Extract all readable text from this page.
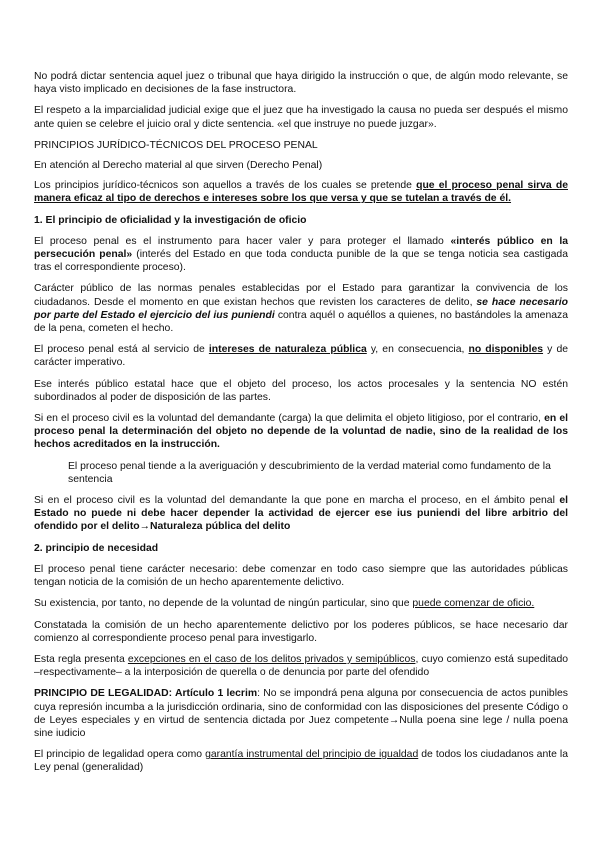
No podrá dictar sentencia aquel juez o tribunal que haya dirigido la instrucción o que, de algún modo relevante, se haya visto implicado en decisiones de la fase instructora.

El respeto a la imparcialidad judicial exige que el juez que ha investigado la causa no pueda ser después el mismo ante quien se celebre el juicio oral y dicte sentencia. «el que instruye no puede juzgar».

PRINCIPIOS JURÍDICO-TÉCNICOS DEL PROCESO PENAL
En atención al Derecho material al que sirven (Derecho Penal)

Los principios jurídico-técnicos son aquellos a través de los cuales se pretende que el proceso penal sirva de manera eficaz al tipo de derechos e intereses sobre los que versa y que se tutelan a través de él.

1. El principio de oficialidad y la investigación de oficio

El proceso penal es el instrumento para hacer valer y para proteger el llamado «interés público en la persecución penal» (interés del Estado en que toda conducta punible de la que se tenga noticia sea castigada tras el correspondiente proceso).

Carácter público de las normas penales establecidas por el Estado para garantizar la convivencia de los ciudadanos. Desde el momento en que existan hechos que revisten los caracteres de delito, se hace necesario por parte del Estado el ejercicio del ius puniendi contra aquél o aquéllos a quienes, no bastándoles la amenaza de la pena, cometen el hecho.

El proceso penal está al servicio de intereses de naturaleza pública y, en consecuencia, no disponibles y de carácter imperativo.

Ese interés público estatal hace que el objeto del proceso, los actos procesales y la sentencia NO estén subordinados al poder de disposición de las partes.

Si en el proceso civil es la voluntad del demandante (carga) la que delimita el objeto litigioso, por el contrario, en el proceso penal la determinación del objeto no depende de la voluntad de nadie, sino de la realidad de los hechos acreditados en la instrucción.

El proceso penal tiende a la averiguación y descubrimiento de la verdad material como fundamento de la sentencia

Si en el proceso civil es la voluntad del demandante la que pone en marcha el proceso, en el ámbito penal el Estado no puede ni debe hacer depender la actividad de ejercer ese ius puniendi del libre arbitrio del ofendido por el delito→Naturaleza pública del delito

2. principio de necesidad

El proceso penal tiene carácter necesario: debe comenzar en todo caso siempre que las autoridades públicas tengan noticia de la comisión de un hecho aparentemente delictivo.

Su existencia, por tanto, no depende de la voluntad de ningún particular, sino que puede comenzar de oficio.

Constatada la comisión de un hecho aparentemente delictivo por los poderes públicos, se hace necesario dar comienzo al correspondiente proceso penal para investigarlo.

Esta regla presenta excepciones en el caso de los delitos privados y semipúblicos, cuyo comienzo está supeditado –respectivamente– a la interposición de querella o de denuncia por parte del ofendido

PRINCIPIO DE LEGALIDAD: Artículo 1 lecrim: No se impondrá pena alguna por consecuencia de actos punibles cuya represión incumba a la jurisdicción ordinaria, sino de conformidad con las disposiciones del presente Código o de Leyes especiales y en virtud de sentencia dictada por Juez competente→Nulla poena sine lege / nulla poena sine iudicio

El principio de legalidad opera como garantía instrumental del principio de igualdad de todos los ciudadanos ante la Ley penal (generalidad)
